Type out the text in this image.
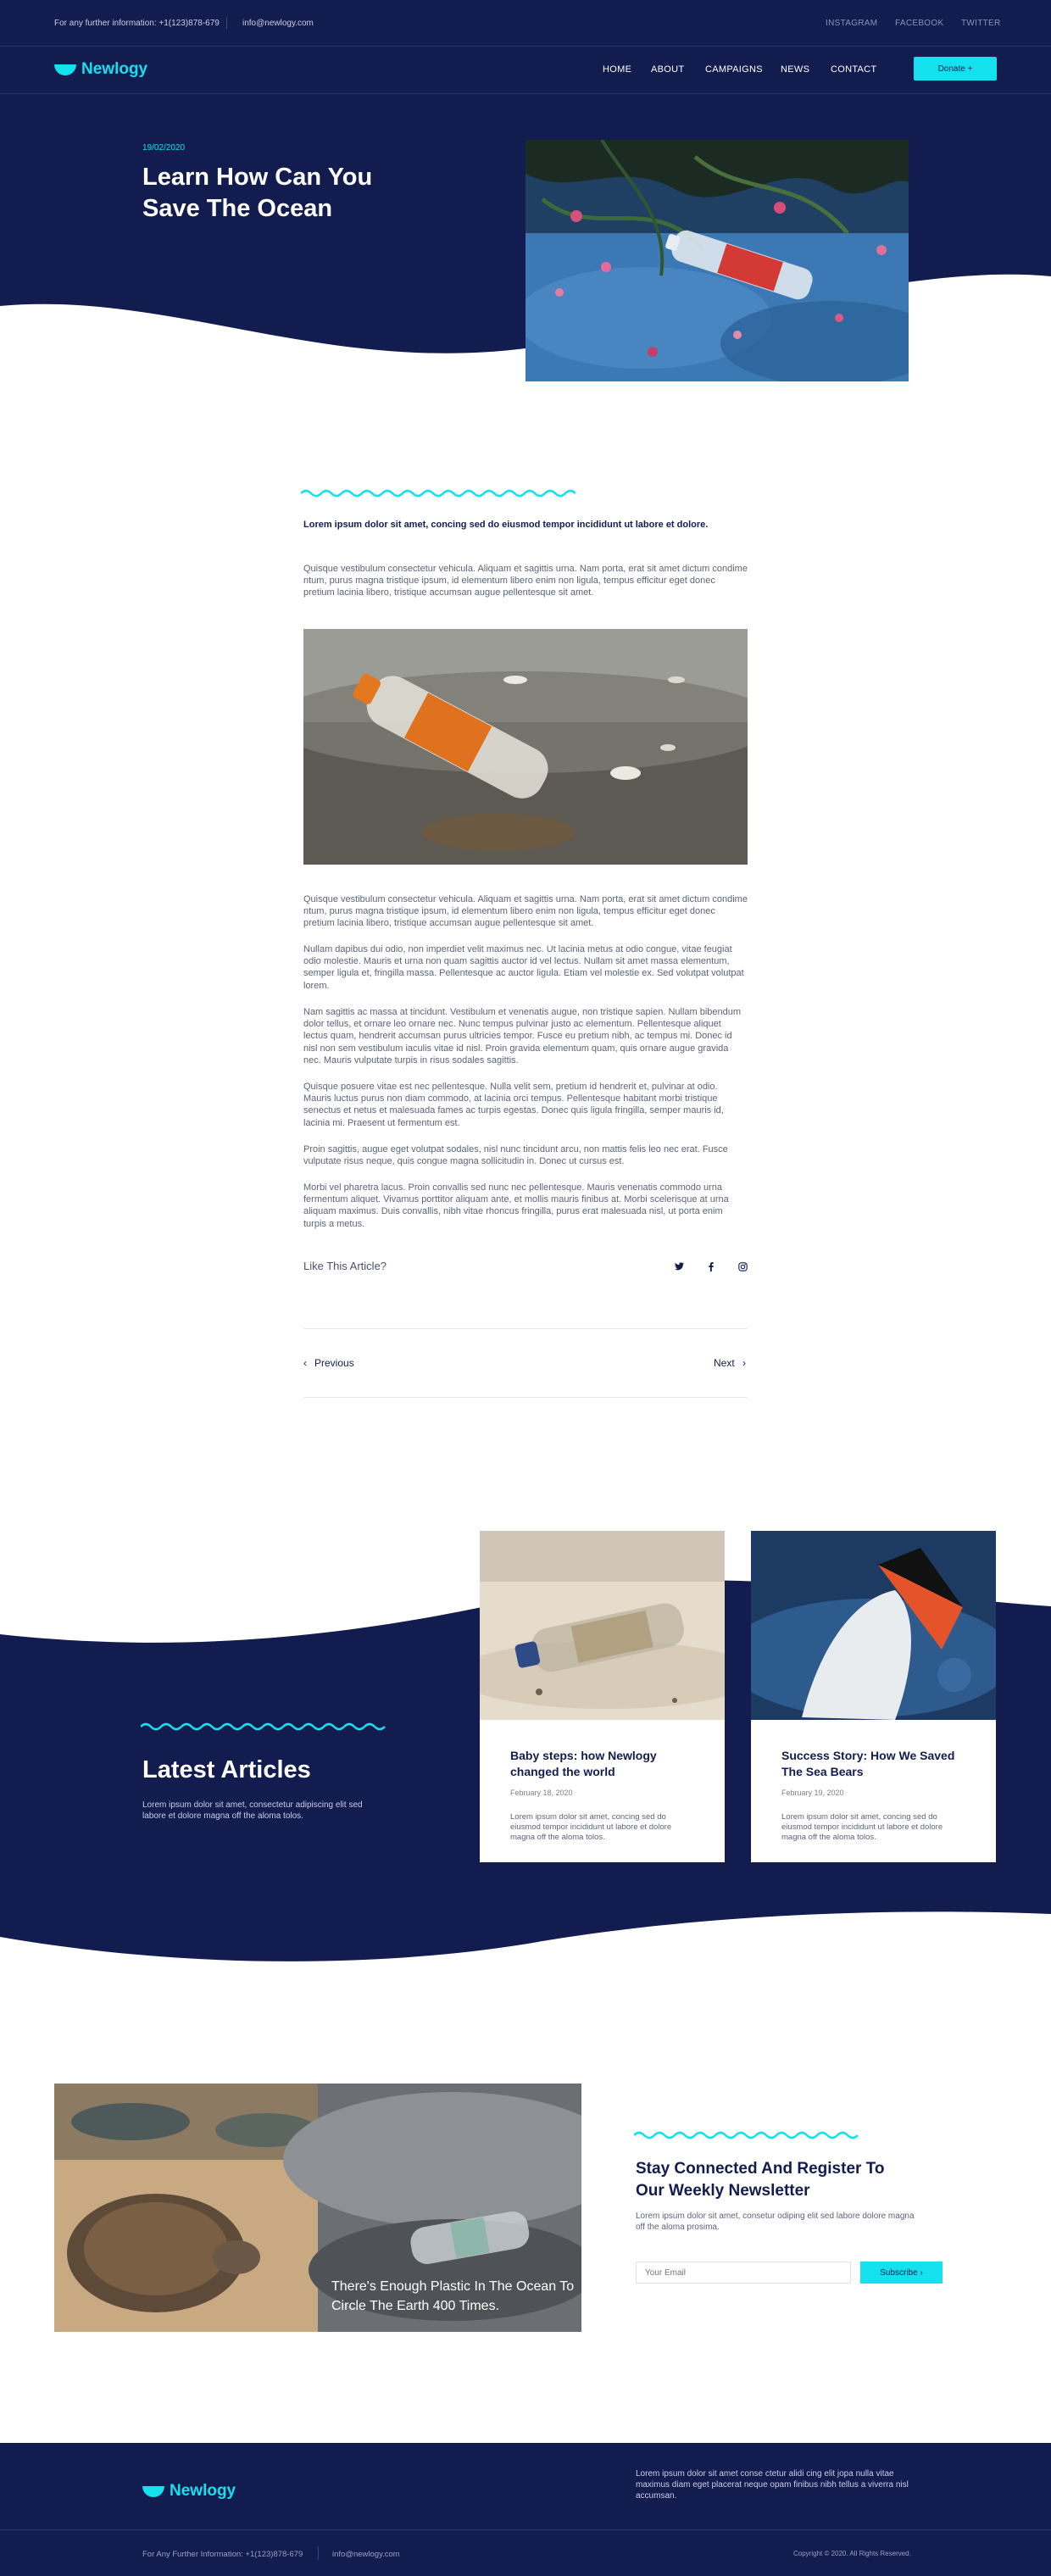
For any further information: +1(123)878-679	info@newlogy.com	INSTAGRAM FACEBOOK TWITTER
Newlogy	HOME ABOUT CAMPAIGNS NEWS CONTACT	Donate +
19/02/2020
Learn How Can You Save The Ocean

Lorem ipsum dolor sit amet, concing sed do eiusmod tempor incididunt ut labore et dolore.

Quisque vestibulum consectetur vehicula. Aliquam et sagittis urna. Nam porta, erat sit amet dictum condime ntum, purus magna tristique ipsum, id elementum libero enim non ligula, tempus efficitur eget donec pretium lacinia libero, tristique accumsan augue pellentesque sit amet.

Quisque vestibulum consectetur vehicula. Aliquam et sagittis urna. Nam porta, erat sit amet dictum condime ntum, purus magna tristique ipsum, id elementum libero enim non ligula, tempus efficitur eget donec pretium lacinia libero, tristique accumsan augue pellentesque sit amet.

Nullam dapibus dui odio, non imperdiet velit maximus nec. Ut lacinia metus at odio congue, vitae feugiat odio molestie. Mauris et urna non quam sagittis auctor id vel lectus. Nullam sit amet massa elementum, semper ligula et, fringilla massa. Pellentesque ac auctor ligula. Etiam vel molestie ex. Sed volutpat volutpat lorem.

Nam sagittis ac massa at tincidunt. Vestibulum et venenatis augue, non tristique sapien. Nullam bibendum dolor tellus, et ornare leo ornare nec. Nunc tempus pulvinar justo ac elementum. Pellentesque aliquet lectus quam, hendrerit accumsan purus ultricies tempor. Fusce eu pretium nibh, ac tempus mi. Donec id nisl non sem vestibulum iaculis vitae id nisl. Proin gravida elementum quam, quis ornare augue gravida nec. Mauris vulputate turpis in risus sodales sagittis.

Quisque posuere vitae est nec pellentesque. Nulla velit sem, pretium id hendrerit et, pulvinar at odio. Mauris luctus purus non diam commodo, at lacinia orci tempus. Pellentesque habitant morbi tristique senectus et netus et malesuada fames ac turpis egestas. Donec quis ligula fringilla, semper mauris id, lacinia mi. Praesent ut fermentum est.

Proin sagittis, augue eget volutpat sodales, nisl nunc tincidunt arcu, non mattis felis leo nec erat. Fusce vulputate risus neque, quis congue magna sollicitudin in. Donec ut cursus est.

Morbi vel pharetra lacus. Proin convallis sed nunc nec pellentesque. Mauris venenatis commodo urna fermentum aliquet. Vivamus porttitor aliquam ante, et mollis mauris finibus at. Morbi scelerisque at urna aliquam maximus. Duis convallis, nibh vitae rhoncus fringilla, purus erat malesuada nisl, ut porta enim turpis a metus.

Like This Article?
‹ Previous	Next ›
Latest Articles

Lorem ipsum dolor sit amet, consectetur adipiscing elit sed labore et dolore magna off the aloma tolos.

Baby steps: how Newlogy changed the world
February 18, 2020

Lorem ipsum dolor sit amet, concing sed do eiusmod tempor incididunt ut labore et dolore magna off the aloma tolos.

Success Story: How We Saved The Sea Bears
February 19, 2020

Lorem ipsum dolor sit amet, concing sed do eiusmod tempor incididunt ut labore et dolore magna off the aloma tolos.

There's Enough Plastic In The Ocean To Circle The Earth 400 Times.

Stay Connected And Register To Our Weekly Newsletter

Lorem ipsum dolor sit amet, consetur odiping elit sed labore dolore magna off the aloma prosima.

Your Email
Subscribe ›
Newlogy

Lorem ipsum dolor sit amet conse ctetur alidi cing elit jopa nulla vitae maximus diam eget placerat neque opam finibus nibh tellus a viverra nisl accumsan.

For Any Further Information: +1(123)878-679	info@newlogy.com	Copyright © 2020. All Rights Reserved.
